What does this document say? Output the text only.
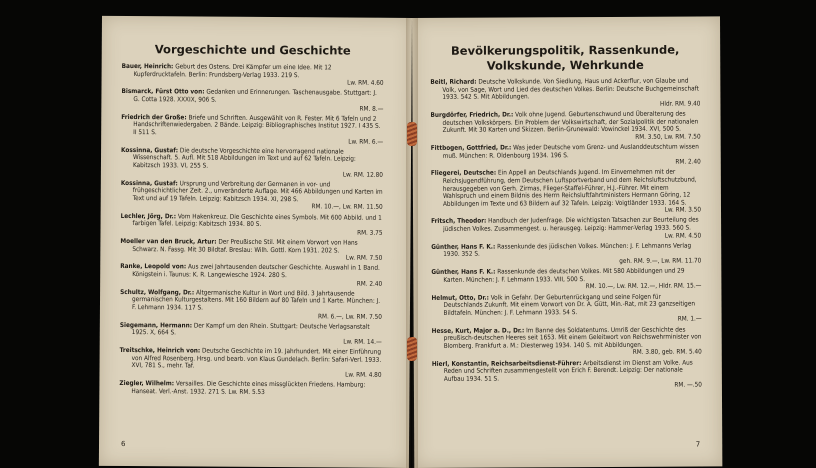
Vorgeschichte und Geschichte

Bauer, Heinrich: Geburt des Ostens. Drei Kämpfer um eine Idee. Mit 12 Kupferdrucktafeln. Berlin: Frundsberg-Verlag 1933. 219 S.
Lw. RM. 4.60

Bismarck, Fürst Otto von: Gedanken und Erinnerungen. Taschenausgabe. Stuttgart: J. G. Cotta 1928. XXXIX, 906 S.
RM. 8.—

Friedrich der Große: Briefe und Schriften. Ausgewählt von R. Fester. Mit 6 Tafeln und 2 Handschriftenwiedergaben. 2 Bände. Leipzig: Bibliographisches Institut 1927. I 435 S. II 511 S.
Lw. RM. 6.—

Kossinna, Gustaf: Die deutsche Vorgeschichte eine hervorragend nationale Wissenschaft. 5. Aufl. Mit 518 Abbildungen im Text und auf 62 Tafeln. Leipzig: Kabitzsch 1933. VI, 255 S.
Lw. RM. 12.80

Kossinna, Gustaf: Ursprung und Verbreitung der Germanen in vor- und frühgeschichtlicher Zeit. 2., unveränderte Auflage. Mit 466 Abbildungen und Karten im Text und auf 19 Tafeln. Leipzig: Kabitzsch 1934. XI, 298 S.
RM. 10.—, Lw. RM. 11.50

Lechler, Jörg, Dr.: Vom Hakenkreuz. Die Geschichte eines Symbols. Mit 600 Abbild. und 1 farbigen Tafel. Leipzig: Kabitzsch 1934. 80 S.
RM. 3.75

Moeller van den Bruck, Artur: Der Preußische Stil. Mit einem Vorwort von Hans Schwarz. N. Fassg. Mit 30 Bildtaf. Breslau: Wilh. Gottl. Korn 1931. 202 S.
Lw. RM. 7.50

Ranke, Leopold von: Aus zwei Jahrtausenden deutscher Geschichte. Auswahl in 1 Band. Königstein i. Taunus: K. R. Langewiesche 1924. 280 S.
RM. 2.40

Schultz, Wolfgang, Dr.: Altgermanische Kultur in Wort und Bild. 3 Jahrtausende germanischen Kulturgestaltens. Mit 160 Bildern auf 80 Tafeln und 1 Karte. München: J. F. Lehmann 1934. 117 S.
RM. 6.—, Lw. RM. 7.50

Siegemann, Hermann: Der Kampf um den Rhein. Stuttgart: Deutsche Verlagsanstalt 1925. X, 664 S.
Lw. RM. 14.—

Treitschke, Heinrich von: Deutsche Geschichte im 19. Jahrhundert. Mit einer Einführung von Alfred Rosenberg. Hrsg. und bearb. von Klaus Gundelach. Berlin: Safari-Verl. 1933. XVI, 781 S., mehr. Taf.
Lw. RM. 4.80

Ziegler, Wilhelm: Versailles. Die Geschichte eines missglückten Friedens. Hamburg: Hanseat. Verl.-Anst. 1932. 271 S. Lw. RM. 5.53

6
Bevölkerungspolitik, Rassenkunde,
Volkskunde, Wehrkunde

Beitl, Richard: Deutsche Volkskunde. Von Siedlung, Haus und Ackerflur, von Glaube und Volk, von Sage, Wort und Lied des deutschen Volkes. Berlin: Deutsche Buchgemeinschaft 1933. 542 S. Mit Abbildungen.
Hldr. RM. 9.40

Burgdörfer, Friedrich, Dr.: Volk ohne Jugend. Geburtenschwund und Überalterung des deutschen Volkskörpers. Ein Problem der Volkswirtschaft, der Sozialpolitik der nationalen Zukunft. Mit 30 Karten und Skizzen. Berlin-Grunewald: Vowinckel 1934. XVI, 500 S.
RM. 3.50, Lw. RM. 7.50

Fittbogen, Gottfried, Dr.: Was jeder Deutsche vom Grenz- und Auslanddeutschtum wissen muß. München: R. Oldenbourg 1934. 196 S.
RM. 2.40

Fliegerei, Deutsche: Ein Appell an Deutschlands Jugend. Im Einvernehmen mit der Reichsjugendführung, dem Deutschen Luftsportverband und dem Reichsluftschutzbund, herausgegeben von Gerh. Zirmas, Flieger-Staffel-Führer, H.J.-Führer. Mit einem Wahlspruch und einem Bildnis des Herrn Reichsluftfahrtministers Hermann Göring, 12 Abbildungen im Texte und 63 Bildern auf 32 Tafeln. Leipzig: Voigtländer 1933. 164 S.
Lw. RM. 3.50

Fritsch, Theodor: Handbuch der Judenfrage. Die wichtigsten Tatsachen zur Beurteilung des jüdischen Volkes. Zusammengest. u. herausgeg. Leipzig: Hammer-Verlag 1933. 560 S.
Lw. RM. 4.50

Günther, Hans F. K.: Rassenkunde des jüdischen Volkes. München: J. F. Lehmanns Verlag 1930. 352 S.
geh. RM. 9.—, Lw. RM. 11.70

Günther, Hans F. K.: Rassenkunde des deutschen Volkes. Mit 580 Abbildungen und 29 Karten. München: J. F. Lehmann 1933. VIII, 500 S.
RM. 10.—, Lw. RM. 12.—, Hldr. RM. 15.—

Helmut, Otto, Dr.: Volk in Gefahr. Der Geburtenrückgang und seine Folgen für Deutschlands Zukunft. Mit einem Vorwort von Dr. A. Gütt, Min.-Rat, mit 23 ganzseitigen Bildtafeln. München: J. F. Lehmann 1933. 54 S.
RM. 1.—

Hesse, Kurt, Major a. D., Dr.: Im Banne des Soldatentums. Umriß der Geschichte des preußisch-deutschen Heeres seit 1653. Mit einem Geleitwort von Reichswehrminister von Blomberg. Frankfurt a. M.: Diesterweg 1934. 140 S. mit Abbildungen.
RM. 3.80, geb. RM. 5.40

Hierl, Konstantin, Reichsarbeitsdienst-Führer: Arbeitsdienst im Dienst am Volke. Aus Reden und Schriften zusammengestellt von Erich F. Berendt. Leipzig: Der nationale Aufbau 1934. 51 S.
RM. —.50

7
